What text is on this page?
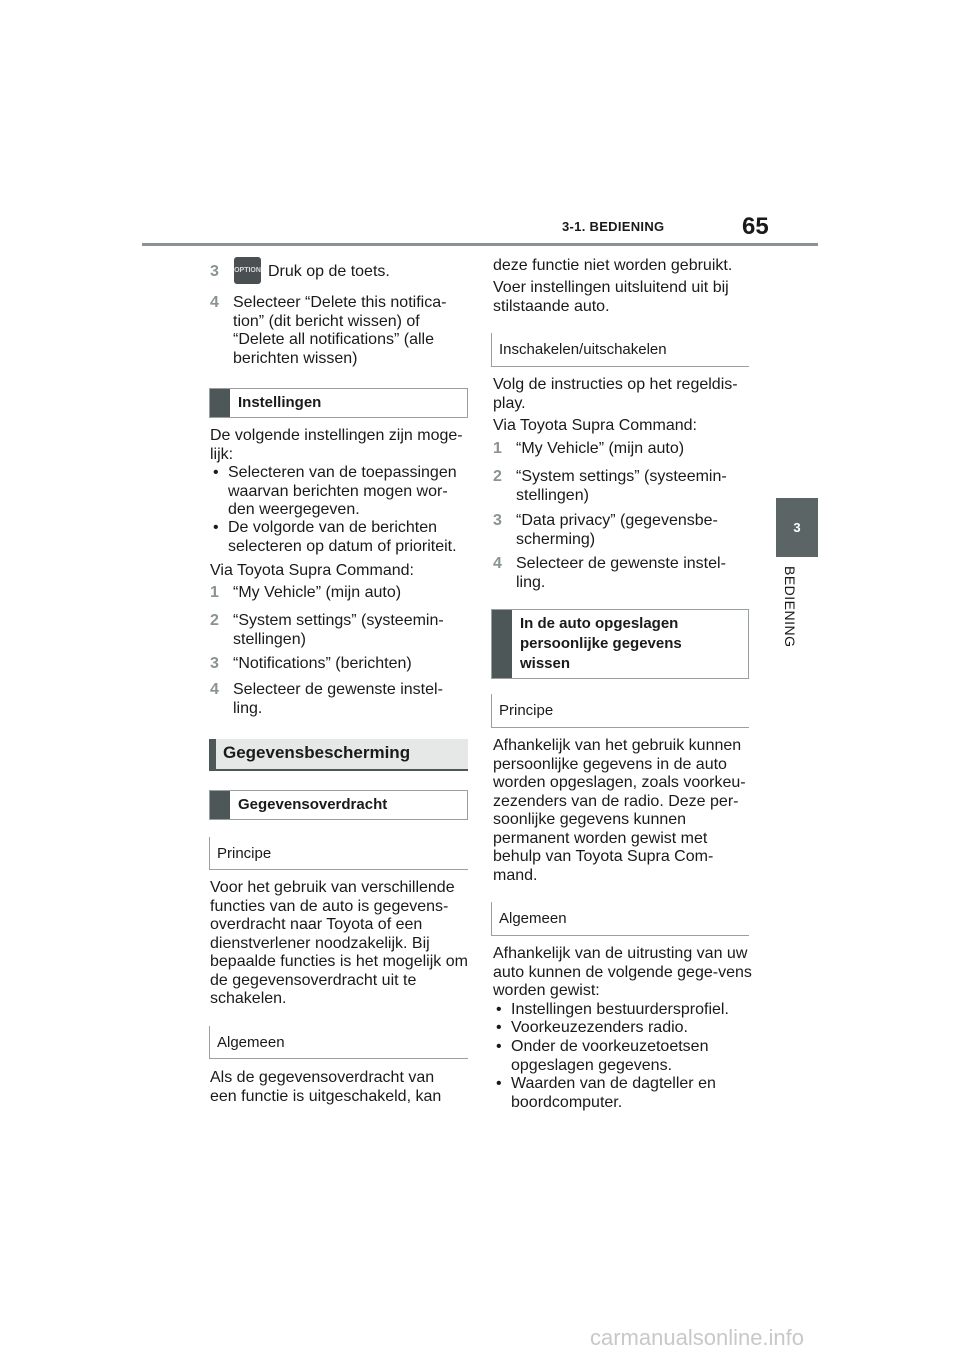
3-1. BEDIENING	65
3
BEDIENING
3 OPTION Druk op de toets.
4 Selecteer “Delete this notifica-tion” (dit bericht wissen) of “Delete all notifications” (alle berichten wissen)
Instellingen
De volgende instellingen zijn moge-lijk:
• Selecteren van de toepassingen waarvan berichten mogen wor-den weergegeven.
• De volgorde van de berichten selecteren op datum of prioriteit.
Via Toyota Supra Command:
1 “My Vehicle” (mijn auto)
2 “System settings” (systeemin-stellingen)
3 “Notifications” (berichten)
4 Selecteer de gewenste instel-ling.
Gegevensbescherming
Gegevensoverdracht
Principe
Voor het gebruik van verschillende functies van de auto is gegevens-overdracht naar Toyota of een dienstverlener noodzakelijk. Bij bepaalde functies is het mogelijk om de gegevensoverdracht uit te schakelen.
Algemeen
Als de gegevensoverdracht van een functie is uitgeschakeld, kan
deze functie niet worden gebruikt.
Voer instellingen uitsluitend uit bij stilstaande auto.
Inschakelen/uitschakelen
Volg de instructies op het regeldis-play.
Via Toyota Supra Command:
1 “My Vehicle” (mijn auto)
2 “System settings” (systeemin-stellingen)
3 “Data privacy” (gegevensbe-scherming)
4 Selecteer de gewenste instel-ling.
In de auto opgeslagen persoonlijke gegevens wissen
Principe
Afhankelijk van het gebruik kunnen persoonlijke gegevens in de auto worden opgeslagen, zoals voorkeu-zezenders van de radio. Deze per-soonlijke gegevens kunnen permanent worden gewist met behulp van Toyota Supra Com-mand.
Algemeen
Afhankelijk van de uitrusting van uw auto kunnen de volgende gege-vens worden gewist:
• Instellingen bestuurdersprofiel.
• Voorkeuzezenders radio.
• Onder de voorkeuzetoetsen opgeslagen gegevens.
• Waarden van de dagteller en boordcomputer.
carmanualsonline.info
